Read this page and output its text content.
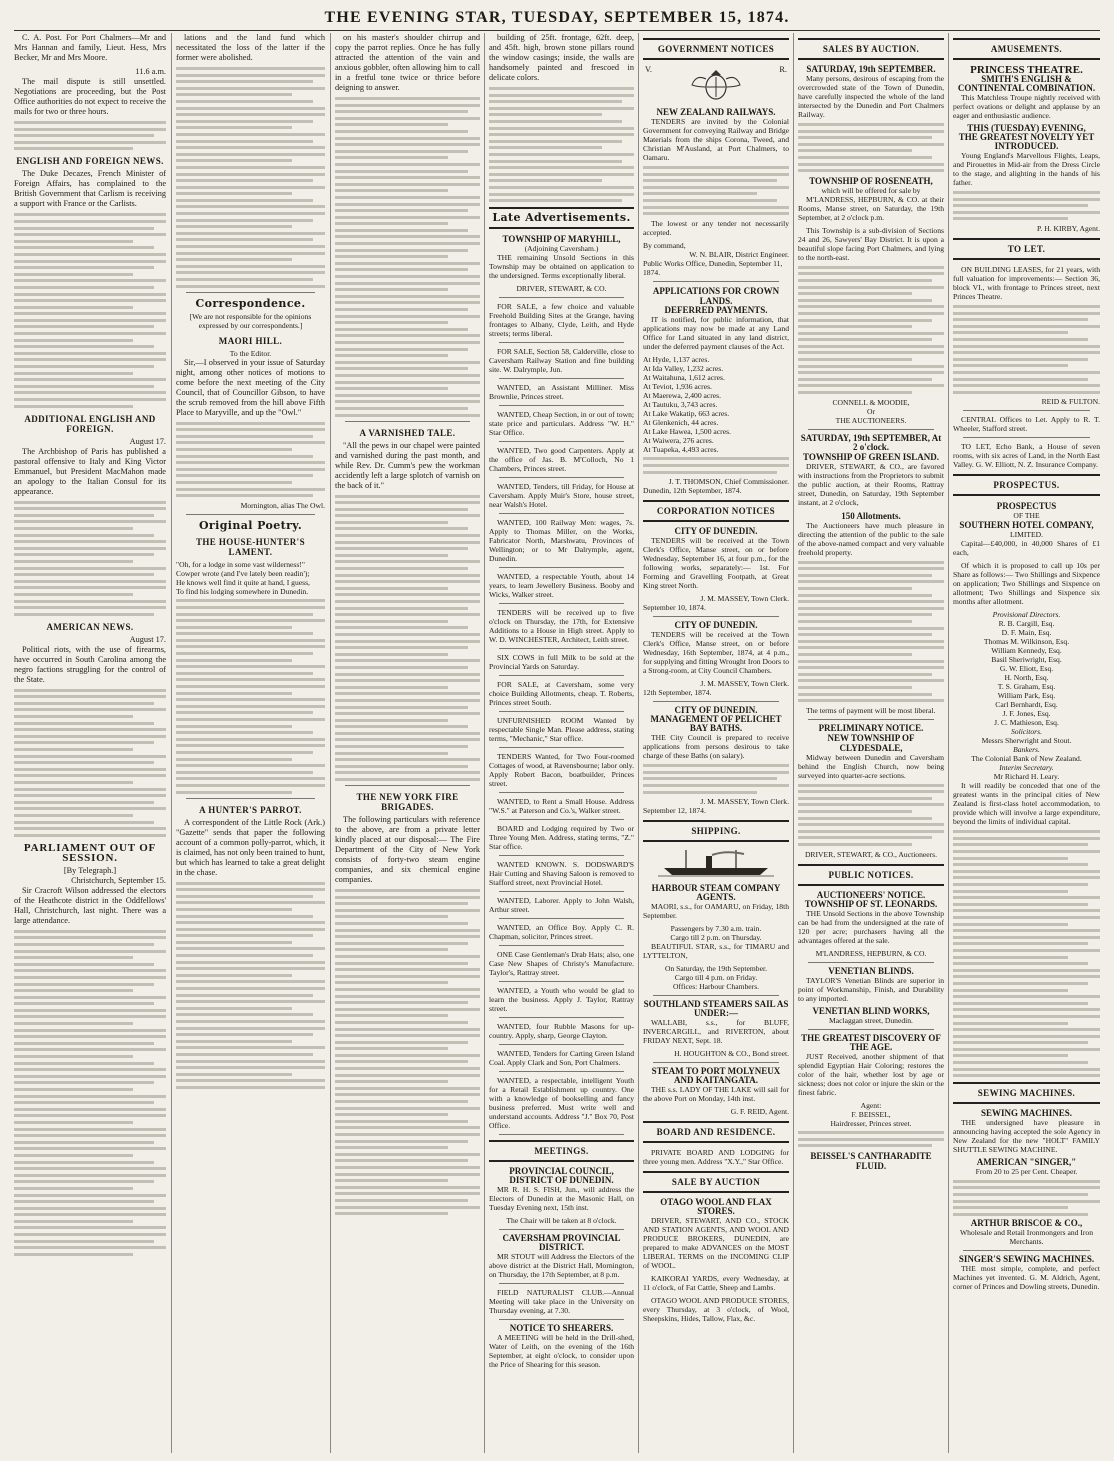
THE EVENING STAR, TUESDAY, SEPTEMBER 15, 1874.

C. A. Post. For Port Chalmers—Mr and Mrs Hannan and family, Lieut. Hess, Mrs Becker, Mr and Mrs Moore.

11.6 a.m.

The mail dispute is still unsettled. Negotiations are proceeding, but the Post Office authorities do not expect to receive the mails for two or three hours.

ENGLISH AND FOREIGN NEWS.

The Duke Decazes, French Minister of Foreign Affairs, has complained to the British Government that Carlism is receiving a support with France or the Carlists.

ADDITIONAL ENGLISH AND FOREIGN.
August 17.

The Archbishop of Paris has published a pastoral offensive to Italy and King Victor Emmanuel, but President MacMahon made an apology to the Italian Consul for its appearance.

AMERICAN NEWS.
August 17.

Political riots, with the use of firearms, have occurred in South Carolina among the negro factions struggling for the control of the State.

PARLIAMENT OUT OF SESSION.
[By Telegraph.]
Christchurch, September 15.

Sir Cracroft Wilson addressed the electors of the Heathcote district in the Oddfellows' Hall, Christchurch, last night. There was a large attendance.

lations and the land fund which necessitated the loss of the latter if the former were abolished.

Correspondence.
[We are not responsible for the opinions expressed by our correspondents.]
MAORI HILL.
To the Editor.

Sir,—I observed in your issue of Saturday night, among other notices of motions to come before the next meeting of the City Council, that of Councillor Gibson, to have the scrub removed from the hill above Fifth Place to Maryville, and up the "Owl."

Mornington, alias The Owl.
Original Poetry.
THE HOUSE-HUNTER'S LAMENT.
"Oh, for a lodge in some vast wilderness!"
Cowper wrote (and I've lately been readin');
He knows well find it quite at hand, I guess,
To find his lodging somewhere in Dunedin.
A HUNTER'S PARROT.

A correspondent of the Little Rock (Ark.) "Gazette" sends that paper the following account of a common polly-parrot, which, it is claimed, has not only been trained to hunt, but which has learned to take a great delight in the chase.

on his master's shoulder chirrup and copy the parrot replies. Once he has fully attracted the attention of the vain and anxious gobbler, often allowing him to call in a fretful tone twice or thrice before deigning to answer.

A VARNISHED TALE.

"All the pews in our chapel were painted and varnished during the past month, and while Rev. Dr. Cumm's pew the workman accidently left a large splotch of varnish on the back of it."

THE NEW YORK FIRE BRIGADES.

The following particulars with reference to the above, are from a private letter kindly placed at our disposal:— The Fire Department of the City of New York consists of forty-two steam engine companies, and six chemical engine companies.

building of 25ft. frontage, 62ft. deep, and 45ft. high, brown stone pillars round the window casings; inside, the walls are handsomely painted and frescoed in delicate colors.

Late Advertisements.
TOWNSHIP OF MARYHILL,
(Adjoining Caversham.)

THE remaining Unsold Sections in this Township may be obtained on application to the undersigned. Terms exceptionally liberal.

DRIVER, STEWART, & CO.

FOR SALE, a few choice and valuable Freehold Building Sites at the Grange, having frontages to Albany, Clyde, Leith, and Hyde streets; terms liberal.

FOR SALE, Section 58, Calderville, close to Caversham Railway Station and fine building site. W. Dalrymple, Jun.

WANTED, an Assistant Milliner. Miss Brownlie, Princes street.

WANTED, Cheap Section, in or out of town; state price and particulars. Address "W. H." Star Office.

WANTED, Two good Carpenters. Apply at the office of Jas. B. M'Colloch, No 1 Chambers, Princes street.

WANTED, Tenders, till Friday, for House at Caversham. Apply Muir's Store, house street, near Walsh's Hotel.

WANTED, 100 Railway Men: wages, 7s. Apply to Thomas Miller, on the Works, Fabricator North, Marshwatu, Provinces of Wellington; or to Mr Dalrymple, agent, Dunedin.

WANTED, a respectable Youth, about 14 years, to learn Jewellery Business. Booby and Wicks, Walker street.

TENDERS will be received up to five o'clock on Thursday, the 17th, for Extensive Additions to a House in High street. Apply to W. D. WINCHESTER, Architect, Leith street.

SIX COWS in full Milk to be sold at the Provincial Yards on Saturday.

FOR SALE, at Caversham, some very choice Building Allotments, cheap. T. Roberts, Princes street South.

UNFURNISHED ROOM Wanted by respectable Single Man. Please address, stating terms, "Mechanic," Star office.

TENDERS Wanted, for Two Four-roomed Cottages of wood, at Ravensbourne; labor only. Apply Robert Bacon, boatbuilder, Princes street.

WANTED, to Rent a Small House. Address "W.S." at Paterson and Co.'s, Walker street.

BOARD and Lodging required by Two or Three Young Men. Address, stating terms, "Z." Star office.

WANTED KNOWN. S. DODSWARD'S Hair Cutting and Shaving Saloon is removed to Stafford street, next Provincial Hotel.

WANTED, Laborer. Apply to John Walsh, Arthur street.

WANTED, an Office Boy. Apply C. R. Chapman, solicitor, Princes street.

ONE Case Gentleman's Drab Hats; also, one Case New Shapes of Christy's Manufacture. Taylor's, Rattray street.

WANTED, a Youth who would be glad to learn the business. Apply J. Taylor, Rattray street.

WANTED, four Rubble Masons for up-country. Apply, sharp, George Clayton.

WANTED, Tenders for Carting Green Island Coal. Apply Clark and Son, Port Chalmers.

WANTED, a respectable, intelligent Youth for a Retail Establishment up country. One with a knowledge of bookselling and fancy business preferred. Must write well and understand accounts. Address "J." Box 70, Post Office.

MEETINGS.
PROVINCIAL COUNCIL, DISTRICT OF DUNEDIN.

MR R. H. S. FISH, Jun., will address the Electors of Dunedin at the Masonic Hall, on Tuesday Evening next, 15th inst.

The Chair will be taken at 8 o'clock.
CAVERSHAM PROVINCIAL DISTRICT.

MR STOUT will Address the Electors of the above district at the District Hall, Mornington, on Thursday, the 17th September, at 8 p.m.

FIELD NATURALIST CLUB.—Annual Meeting will take place in the University on Thursday evening, at 7.30.

NOTICE TO SHEARERS.

A MEETING will be held in the Drill-shed, Water of Leith, on the evening of the 16th September, at eight o'clock, to consider upon the Price of Shearing for this season.

GOVERNMENT NOTICES
V.	R.
NEW ZEALAND RAILWAYS.

TENDERS are invited by the Colonial Government for conveying Railway and Bridge Materials from the ships Corona, Tweed, and Christian M'Ausland, at Port Chalmers, to Oamaru.

The lowest or any tender not necessarily accepted.

By command,
W. N. BLAIR, District Engineer.
Public Works Office, Dunedin, September 11, 1874.
APPLICATIONS FOR CROWN LANDS.
DEFERRED PAYMENTS.

IT is notified, for public information, that applications may now be made at any Land Office for Land situated in any land district, under the deferred payment clauses of the Act.

At Hyde, 1,137 acres.

At Ida Valley, 1,232 acres.

At Waitahuna, 1,612 acres.

At Teviot, 1,936 acres.

At Maerewa, 2,400 acres.

At Tautuku, 3,743 acres.

At Lake Wakatip, 663 acres.

At Glenkenich, 44 acres.

At Lake Hawea, 1,500 acres.

At Waiwera, 276 acres.

At Tuapeka, 4,493 acres.

J. T. THOMSON, Chief Commissioner.
Dunedin, 12th September, 1874.
CORPORATION NOTICES
CITY OF DUNEDIN.

TENDERS will be received at the Town Clerk's Office, Manse street, on or before Wednesday, September 16, at four p.m., for the following works, separately:— 1st. For Forming and Gravelling Footpath, at Great King street North.

J. M. MASSEY, Town Clerk.
September 10, 1874.
CITY OF DUNEDIN.

TENDERS will be received at the Town Clerk's Office, Manse street, on or before Wednesday, 16th September, 1874, at 4 p.m., for supplying and fitting Wrought Iron Doors to a Strong-room, at City Council Chambers.

J. M. MASSEY, Town Clerk.
12th September, 1874.
CITY OF DUNEDIN.
MANAGEMENT OF PELICHET BAY BATHS.

THE City Council is prepared to receive applications from persons desirous to take charge of these Baths (on salary).

J. M. MASSEY, Town Clerk.
September 12, 1874.
SHIPPING.
HARBOUR STEAM COMPANY AGENTS.

MAORI, s.s., for OAMARU, on Friday, 18th September.

Passengers by 7.30 a.m. train.
Cargo till 2 p.m. on Thursday.

BEAUTIFUL STAR, s.s., for TIMARU and LYTTELTON,

On Saturday, the 19th September.
Cargo till 4 p.m. on Friday.
Offices: Harbour Chambers.
SOUTHLAND STEAMERS SAIL AS UNDER:—

WALLABI, s.s., for BLUFF, INVERCARGILL, and RIVERTON, about FRIDAY NEXT, Sept. 18.

H. HOUGHTON & CO., Bond street.
STEAM TO PORT MOLYNEUX AND KAITANGATA.

THE s.s. LADY OF THE LAKE will sail for the above Port on Monday, 14th inst.

G. F. REID, Agent.
BOARD AND RESIDENCE.

PRIVATE BOARD AND LODGING for three young men. Address "X.Y.," Star Office.

SALE BY AUCTION
OTAGO WOOL AND FLAX STORES.

DRIVER, STEWART, AND CO., STOCK AND STATION AGENTS, AND WOOL AND PRODUCE BROKERS, DUNEDIN, are prepared to make ADVANCES on the MOST LIBERAL TERMS on the INCOMING CLIP of WOOL.

KAIKORAI YARDS, every Wednesday, at 11 o'clock, of Fat Cattle, Sheep and Lambs.

OTAGO WOOL AND PRODUCE STORES, every Thursday, at 3 o'clock, of Wool, Sheepskins, Hides, Tallow, Flax, &c.

SALES BY AUCTION.
SATURDAY, 19th SEPTEMBER.

Many persons, desirous of escaping from the overcrowded state of the Town of Dunedin, have carefully inspected the whole of the land intersected by the Dunedin and Port Chalmers Railway.

TOWNSHIP OF ROSENEATH,
which will be offered for sale by

M'LANDRESS, HEPBURN, & CO. at their Rooms, Manse street, on Saturday, the 19th September, at 2 o'clock p.m.

This Township is a sub-division of Sections 24 and 26, Sawyers' Bay District. It is upon a beautiful slope facing Port Chalmers, and lying to the north-east.

CONNELL & MOODIE,
Or
THE AUCTIONEERS.
SATURDAY, 19th SEPTEMBER, At 2 o'clock.
TOWNSHIP OF GREEN ISLAND.

DRIVER, STEWART, & CO., are favored with instructions from the Proprietors to submit the public auction, at their Rooms, Rattray street, Dunedin, on Saturday, 19th September instant, at 2 o'clock,

150 Allotments.

The Auctioneers have much pleasure in directing the attention of the public to the sale of the above-named compact and very valuable freehold property.

The terms of payment will be most liberal.

PRELIMINARY NOTICE.
NEW TOWNSHIP OF CLYDESDALE,

Midway between Dunedin and Caversham behind the English Church, now being surveyed into quarter-acre sections.

DRIVER, STEWART, & CO., Auctioneers.
PUBLIC NOTICES.
AUCTIONEERS' NOTICE.
TOWNSHIP OF ST. LEONARDS.

THE Unsold Sections in the above Township can be had from the undersigned at the rate of 120 per acre; purchasers having all the advantages offered at the sale.

M'LANDRESS, HEPBURN, & CO.
VENETIAN BLINDS.

TAYLOR'S Venetian Blinds are superior in point of Workmanship, Finish, and Durability to any imported.

VENETIAN BLIND WORKS,
Maclaggan street, Dunedin.
THE GREATEST DISCOVERY OF THE AGE.

JUST Received, another shipment of that splendid Egyptian Hair Coloring; restores the color of the hair, whether lost by age or sickness; does not color or injure the skin or the finest fabric.

Agent:
F. BEISSEL,
Hairdresser, Princes street.
BEISSEL'S CANTHARADITE FLUID.
AMUSEMENTS.
PRINCESS THEATRE.
SMITH'S ENGLISH & CONTINENTAL COMBINATION.

This Matchless Troupe nightly received with perfect ovations or delight and applause by an eager and enthusiastic audience.

THIS (TUESDAY) EVENING,
THE GREATEST NOVELTY YET INTRODUCED.

Young England's Marvellous Flights, Leaps, and Pirouettes in Mid-air from the Dress Circle to the stage, and alighting in the hands of his father.

P. H. KIRBY, Agent.
TO LET.

ON BUILDING LEASES, for 21 years, with full valuation for improvements:— Section 36, block VI., with frontage to Princes street, next Princes Theatre.

REID & FULTON.

CENTRAL Offices to Let. Apply to R. T. Wheeler, Stafford street.

TO LET, Echo Bank, a House of seven rooms, with six acres of Land, in the North East Valley. G. W. Elliott, N. Z. Insurance Company.

PROSPECTUS.
PROSPECTUS
OF THE
SOUTHERN HOTEL COMPANY,
LIMITED.

Capital—£40,000, in 40,000 Shares of £1 each,

Of which it is proposed to call up 10s per Share as follows:— Two Shillings and Sixpence on application; Two Shillings and Sixpence on allotment; Two Shillings and Sixpence six months after allotment.

Provisional Directors.

R. B. Cargill, Esq.

D. F. Main, Esq.

Thomas M. Wilkinson, Esq.

William Kennedy, Esq.

Basil Sheriwright, Esq.

G. W. Eliott, Esq.

H. North, Esq.

T. S. Graham, Esq.

William Park, Esq.

Carl Bernhardt, Esq.

J. F. Jones, Esq.

J. C. Mathieson, Esq.

Solicitors.
Messrs Sherwright and Stout.
Bankers.
The Colonial Bank of New Zealand.
Interim Secretary.
Mr Richard H. Leary.

It will readily be conceded that one of the greatest wants in the principal cities of New Zealand is first-class hotel accommodation, to provide which will involve a large expenditure, beyond the limits of individual capital.

SEWING MACHINES.
SEWING MACHINES.

THE undersigned have pleasure in announcing having accepted the sole Agency in New Zealand for the new "HOLT" FAMILY SHUTTLE SEWING MACHINE.

AMERICAN "SINGER,"
From 20 to 25 per Cent. Cheaper.
ARTHUR BRISCOE & CO.,
Wholesale and Retail Ironmongers and Iron Merchants.
SINGER'S SEWING MACHINES.

THE most simple, complete, and perfect Machines yet invented. G. M. Aldrich, Agent, corner of Princes and Dowling streets, Dunedin.
